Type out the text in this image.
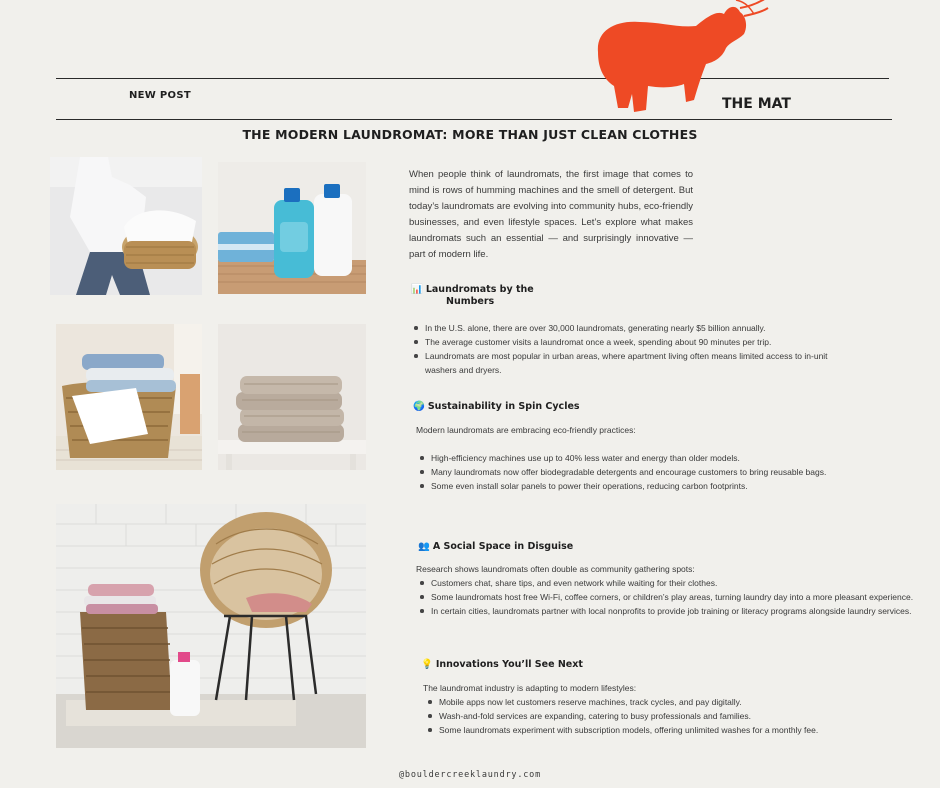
NEW POST
THE MAT
THE MODERN LAUNDROMAT: MORE THAN JUST CLEAN CLOTHES
When people think of laundromats, the first image that comes to mind is rows of humming machines and the smell of detergent. But today’s laundromats are evolving into community hubs, eco-friendly businesses, and even lifestyle spaces. Let’s explore what makes laundromats such an essential — and surprisingly innovative — part of modern life.
📊 Laundromats by the
Numbers
In the U.S. alone, there are over 30,000 laundromats, generating nearly $5 billion annually.
The average customer visits a laundromat once a week, spending about 90 minutes per trip.
Laundromats are most popular in urban areas, where apartment living often means limited access to in-unit washers and dryers.
🌍 Sustainability in Spin Cycles
Modern laundromats are embracing eco-friendly practices:
High-efficiency machines use up to 40% less water and energy than older models.
Many laundromats now offer biodegradable detergents and encourage customers to bring reusable bags.
Some even install solar panels to power their operations, reducing carbon footprints.
👥 A Social Space in Disguise
Research shows laundromats often double as community gathering spots:
Customers chat, share tips, and even network while waiting for their clothes.
Some laundromats host free Wi-Fi, coffee corners, or children’s play areas, turning laundry day into a more pleasant experience.
In certain cities, laundromats partner with local nonprofits to provide job training or literacy programs alongside laundry services.
💡 Innovations You’ll See Next
The laundromat industry is adapting to modern lifestyles:
Mobile apps now let customers reserve machines, track cycles, and pay digitally.
Wash-and-fold services are expanding, catering to busy professionals and families.
Some laundromats experiment with subscription models, offering unlimited washes for a monthly fee.
@bouldercreeklaundry.com
